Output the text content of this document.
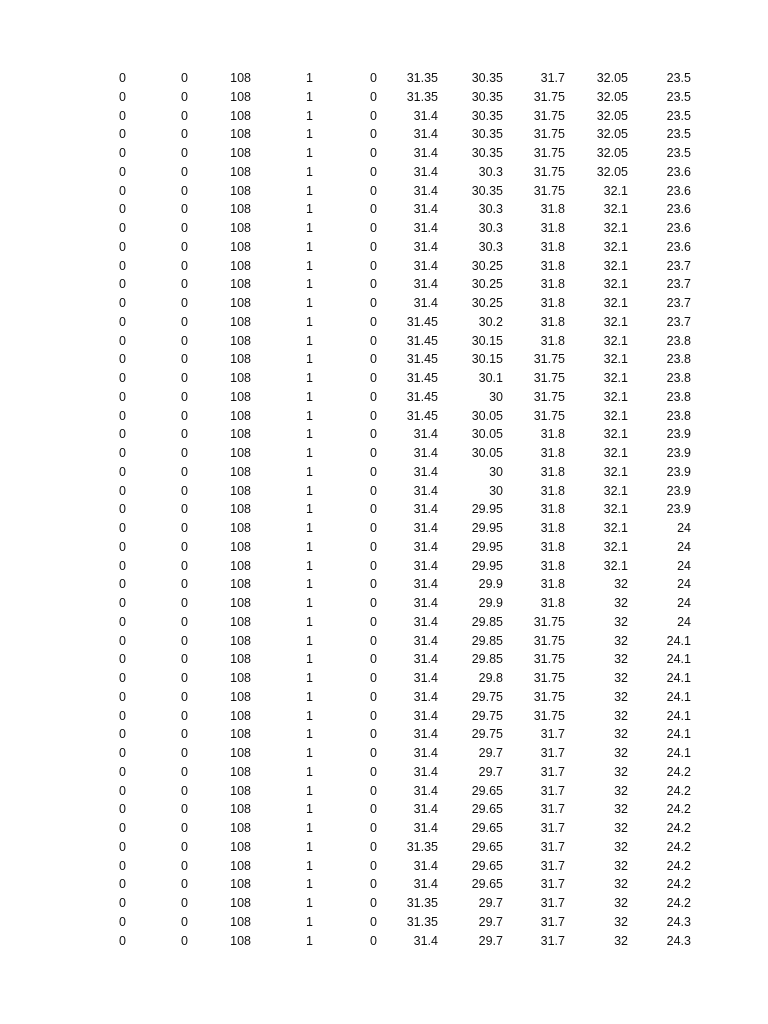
0	0	108	1	0 31.35	30.35	31.7	32.05	23.5
0	0	108	1	0 31.35	30.35 31.75	32.05	23.5
0	0	108	1	0	31.4	30.35 31.75	32.05	23.5
0	0	108	1	0	31.4	30.35 31.75	32.05	23.5
0	0	108	1	0	31.4	30.35 31.75	32.05	23.5
0	0	108	1	0	31.4	30.3 31.75	32.05	23.6
0	0	108	1	0	31.4	30.35 31.75	32.1	23.6
0	0	108	1	0	31.4	30.3	31.8	32.1	23.6
0	0	108	1	0	31.4	30.3	31.8	32.1	23.6
0	0	108	1	0	31.4	30.3	31.8	32.1	23.6
0	0	108	1	0	31.4	30.25	31.8	32.1	23.7
0	0	108	1	0	31.4	30.25	31.8	32.1	23.7
0	0	108	1	0	31.4	30.25	31.8	32.1	23.7
0	0	108	1	0 31.45	30.2	31.8	32.1	23.7
0	0	108	1	0 31.45	30.15	31.8	32.1	23.8
0	0	108	1	0 31.45	30.15 31.75	32.1	23.8
0	0	108	1	0 31.45	30.1 31.75	32.1	23.8
0	0	108	1	0 31.45	30 31.75	32.1	23.8
0	0	108	1	0 31.45	30.05 31.75	32.1	23.8
0	0	108	1	0	31.4	30.05	31.8	32.1	23.9
0	0	108	1	0	31.4	30.05	31.8	32.1	23.9
0	0	108	1	0	31.4	30	31.8	32.1	23.9
0	0	108	1	0	31.4	30	31.8	32.1	23.9
0	0	108	1	0	31.4	29.95	31.8	32.1	23.9
0	0	108	1	0	31.4	29.95	31.8	32.1	24
0	0	108	1	0	31.4	29.95	31.8	32.1	24
0	0	108	1	0	31.4	29.95	31.8	32.1	24
0	0	108	1	0	31.4	29.9	31.8	32	24
0	0	108	1	0	31.4	29.9	31.8	32	24
0	0	108	1	0	31.4	29.85 31.75	32	24
0	0	108	1	0	31.4	29.85 31.75	32	24.1
0	0	108	1	0	31.4	29.85 31.75	32	24.1
0	0	108	1	0	31.4	29.8 31.75	32	24.1
0	0	108	1	0	31.4	29.75 31.75	32	24.1
0	0	108	1	0	31.4	29.75 31.75	32	24.1
0	0	108	1	0	31.4	29.75	31.7	32	24.1
0	0	108	1	0	31.4	29.7	31.7	32	24.1
0	0	108	1	0	31.4	29.7	31.7	32	24.2
0	0	108	1	0	31.4	29.65	31.7	32	24.2
0	0	108	1	0	31.4	29.65	31.7	32	24.2
0	0	108	1	0	31.4	29.65	31.7	32	24.2
0	0	108	1	0 31.35	29.65	31.7	32	24.2
0	0	108	1	0	31.4	29.65	31.7	32	24.2
0	0	108	1	0	31.4	29.65	31.7	32	24.2
0	0	108	1	0 31.35	29.7	31.7	32	24.2
0	0	108	1	0 31.35	29.7	31.7	32	24.3
0	0	108	1	0	31.4	29.7	31.7	32	24.3
